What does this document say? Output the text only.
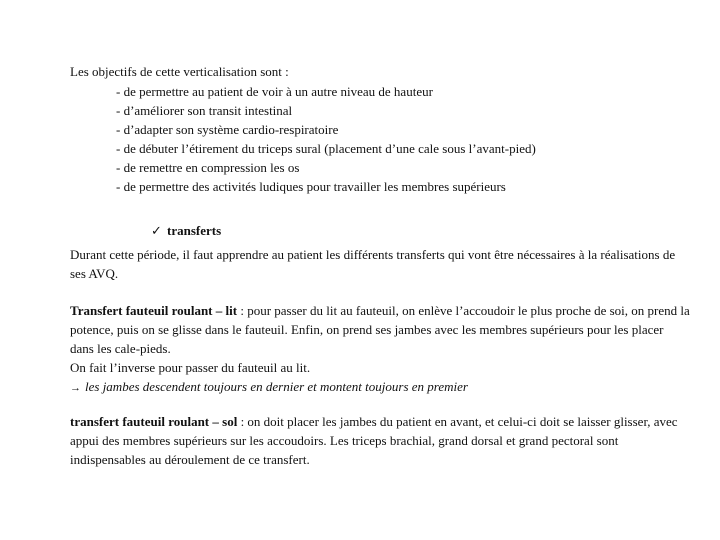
Les objectifs de cette verticalisation sont :
- de permettre au patient de voir à un autre niveau de hauteur
- d’améliorer son transit intestinal
- d’adapter son système cardio-respiratoire
- de débuter l’étirement du triceps sural (placement d’une cale sous l’avant-pied)
- de remettre en compression les os
- de permettre des activités ludiques pour travailler les membres supérieurs
✓ transferts
Durant cette période, il faut apprendre au patient les différents transferts qui vont être nécessaires à la réalisations de ses AVQ.
Transfert fauteuil roulant – lit : pour passer du lit au fauteuil, on enlève l’accoudoir le plus proche de soi, on prend la potence, puis on se glisse dans le fauteuil. Enfin, on prend ses jambes avec les membres supérieurs pour les placer dans les cale-pieds.
On fait l’inverse pour passer du fauteuil au lit.
→ les jambes descendent toujours en dernier et montent toujours en premier
transfert fauteuil roulant – sol : on doit placer les jambes du patient en avant, et celui-ci doit se laisser glisser, avec appui des membres supérieurs sur les accoudoirs. Les triceps brachial, grand dorsal et grand pectoral sont indispensables au déroulement de ce transfert.
